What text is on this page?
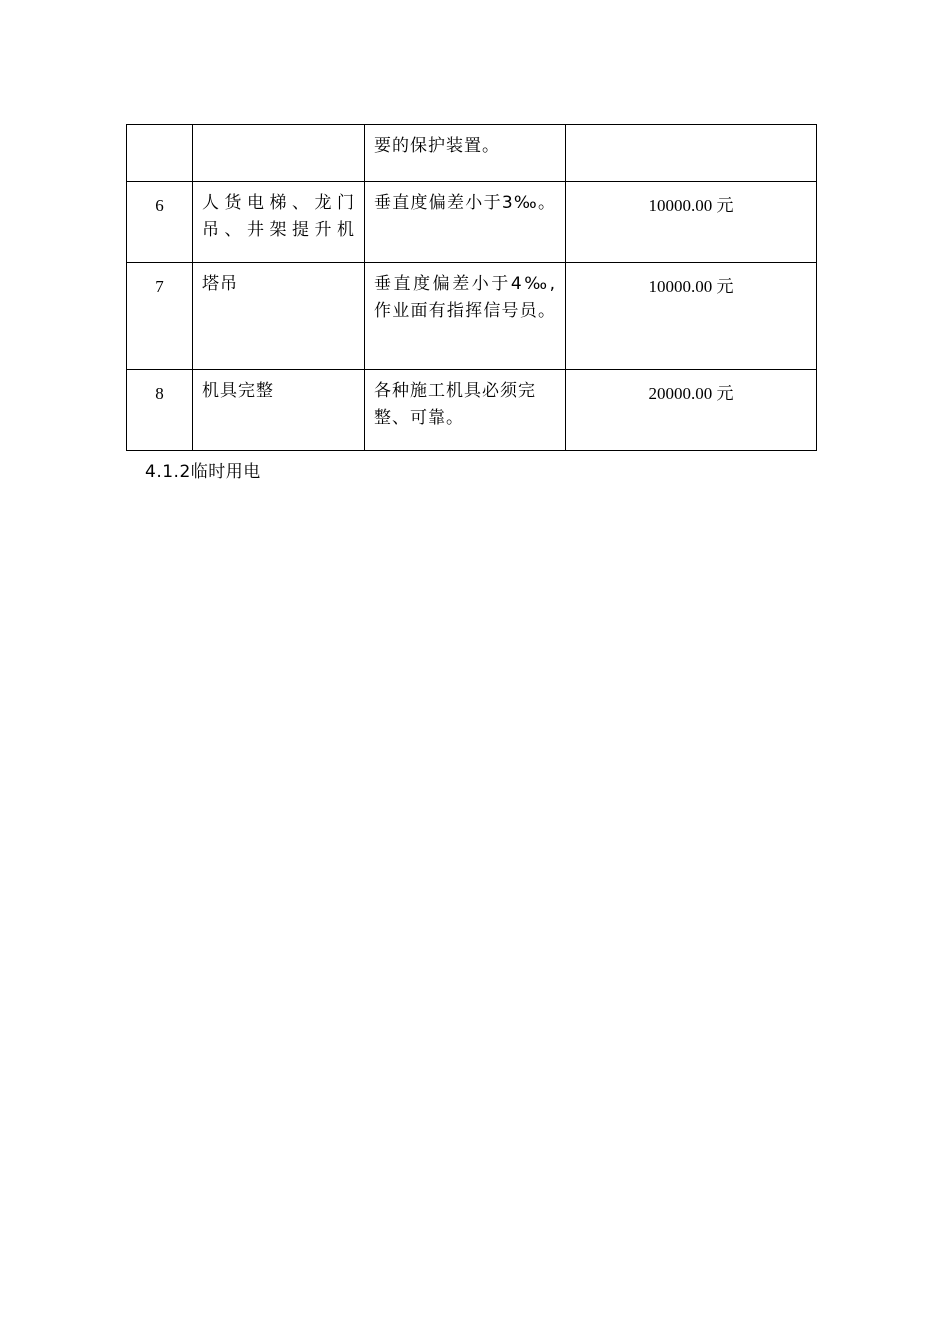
		要的保护装置。	
6	人货电梯、龙门吊、井架提升机	垂直度偏差小于3‰。	10000.00 元
7	塔吊	垂直度偏差小于4‰,作业面有指挥信号员。	10000.00 元
8	机具完整	各种施工机具必须完整、可靠。	20000.00 元
4.1.2临时用电
